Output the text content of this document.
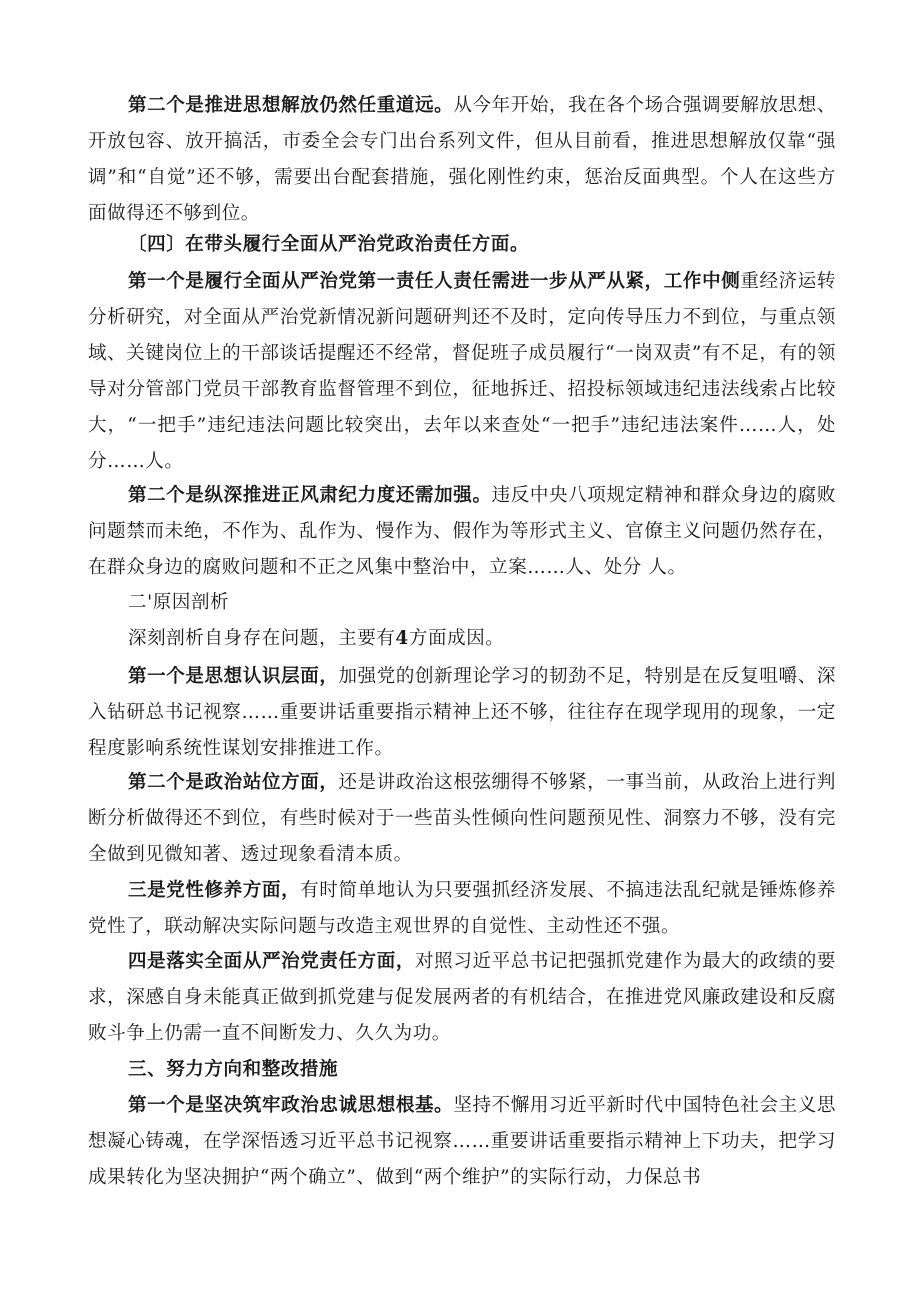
第二个是推进思想解放仍然任重道远。从今年开始，我在各个场合强调要解放思想、开放包容、放开搞活，市委全会专门出台系列文件，但从目前看，推进思想解放仅靠“强调”和“自觉”还不够，需要出台配套措施，强化刚性约束，惩治反面典型。个人在这些方面做得还不够到位。

〔四〕在带头履行全面从严治党政治责任方面。

第一个是履行全面从严治党第一责任人责任需进一步从严从紧，工作中侧重经济运转分析研究，对全面从严治党新情况新问题研判还不及时，定向传导压力不到位，与重点领域、关键岗位上的干部谈话提醒还不经常，督促班子成员履行“一岗双责”有不足，有的领导对分管部门党员干部教育监督管理不到位，征地拆迁、招投标领域违纪违法线索占比较大，“一把手”违纪违法问题比较突出，去年以来查处“一把手”违纪违法案件……人，处分……人。

第二个是纵深推进正风肃纪力度还需加强。违反中央八项规定精神和群众身边的腐败问题禁而未绝，不作为、乱作为、慢作为、假作为等形式主义、官僚主义问题仍然存在，在群众身边的腐败问题和不正之风集中整治中，立案……人、处分 人。

二'原因剖析

深刻剖析自身存在问题，主要有4方面成因。

第一个是思想认识层面，加强党的创新理论学习的韧劲不足，特别是在反复咀嚼、深入钻研总书记视察……重要讲话重要指示精神上还不够，往往存在现学现用的现象，一定程度影响系统性谋划安排推进工作。

第二个是政治站位方面，还是讲政治这根弦绷得不够紧，一事当前，从政治上进行判断分析做得还不到位，有些时候对于一些苗头性倾向性问题预见性、洞察力不够，没有完全做到见微知著、透过现象看清本质。

三是党性修养方面，有时简单地认为只要强抓经济发展、不搞违法乱纪就是锤炼修养党性了，联动解决实际问题与改造主观世界的自觉性、主动性还不强。

四是落实全面从严治党责任方面，对照习近平总书记把强抓党建作为最大的政绩的要求，深感自身未能真正做到抓党建与促发展两者的有机结合，在推进党风廉政建设和反腐败斗争上仍需一直不间断发力、久久为功。

三、努力方向和整改措施

第一个是坚决筑牢政治忠诚思想根基。坚持不懈用习近平新时代中国特色社会主义思想凝心铸魂，在学深悟透习近平总书记视察……重要讲话重要指示精神上下功夫，把学习成果转化为坚决拥护“两个确立”、做到“两个维护”的实际行动，力保总书
